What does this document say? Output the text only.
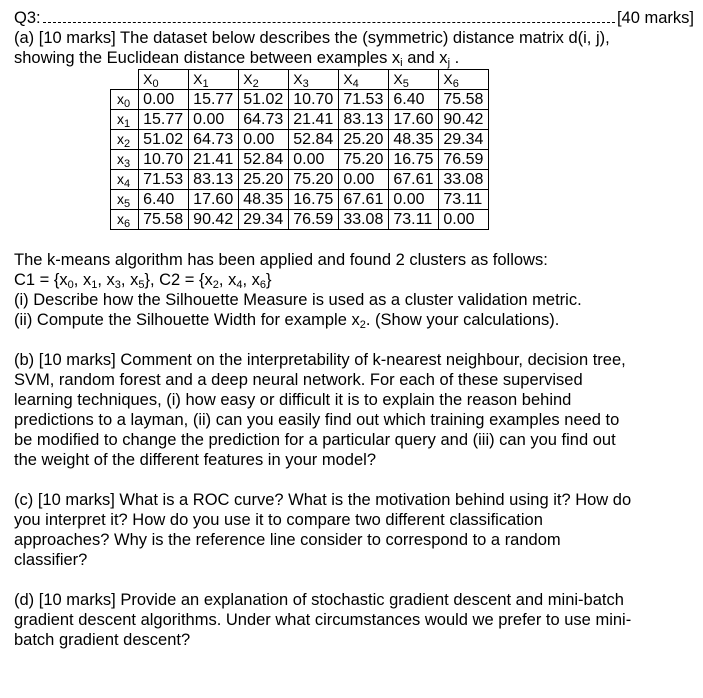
Q3:	[40 marks]
(a) [10 marks] The dataset below describes the (symmetric) distance matrix d(i, j),
showing the Euclidean distance between examples $x_i$ and $x_j$ .
	$X_0$	$X_1$	$X_2$	$X_3$	$X_4$	$X_5$	$X_6$
$x_0$	0.00	15.77	51.02	10.70	71.53	6.40	75.58
$x_1$	15.77	0.00	64.73	21.41	83.13	17.60	90.42
$x_2$	51.02	64.73	0.00	52.84	25.20	48.35	29.34
$x_3$	10.70	21.41	52.84	0.00	75.20	16.75	76.59
$x_4$	71.53	83.13	25.20	75.20	0.00	67.61	33.08
$x_5$	6.40	17.60	48.35	16.75	67.61	0.00	73.11
$x_6$	75.58	90.42	29.34	76.59	33.08	73.11	0.00
The k-means algorithm has been applied and found 2 clusters as follows:
$C1 = \{x_0$, $x_1$, $x_3$, $x_5$}, $C2 = \{x_2$, $x_4$, $x_6$}
(i) Describe how the Silhouette Measure is used as a cluster validation metric.
(ii) Compute the Silhouette Width for example $x_2$. (Show your calculations).
(b) [10 marks] Comment on the interpretability of k-nearest neighbour, decision tree,
SVM, random forest and a deep neural network. For each of these supervised
learning techniques, (i) how easy or difficult it is to explain the reason behind
predictions to a layman, (ii) can you easily find out which training examples need to
be modified to change the prediction for a particular query and (iii) can you find out
the weight of the different features in your model?
(c) [10 marks] What is a ROC curve? What is the motivation behind using it? How do
you interpret it? How do you use it to compare two different classification
approaches? Why is the reference line consider to correspond to a random
classifier?
(d) [10 marks] Provide an explanation of stochastic gradient descent and mini-batch
gradient descent algorithms. Under what circumstances would we prefer to use mini-
batch gradient descent?
